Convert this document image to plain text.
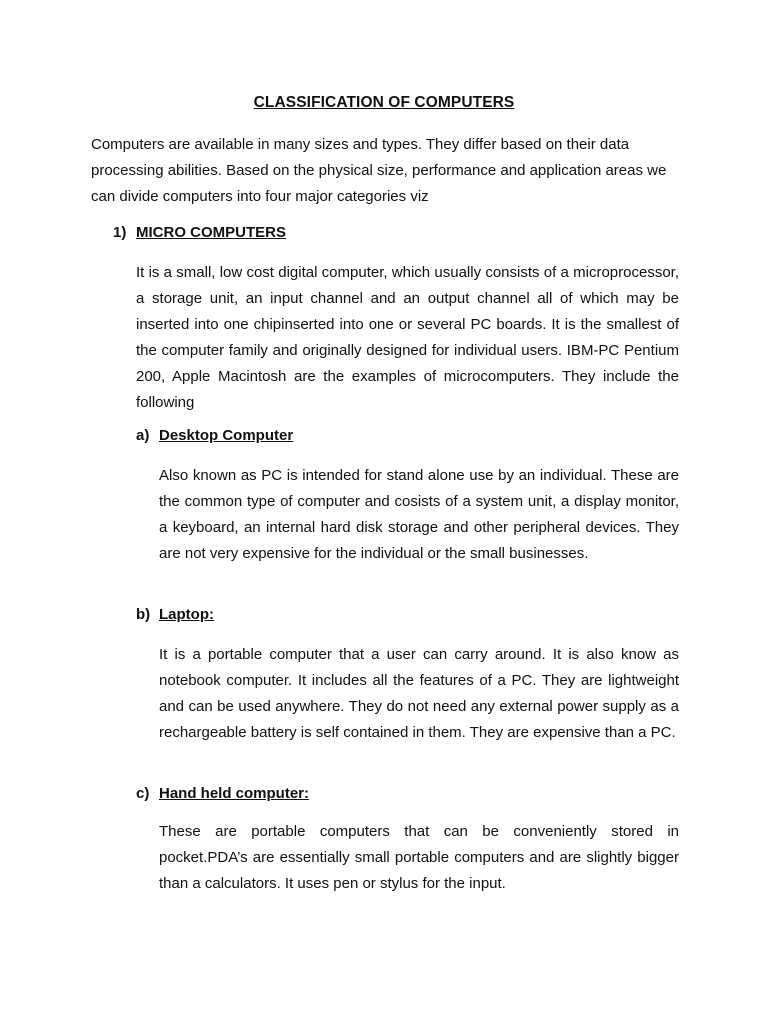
CLASSIFICATION OF COMPUTERS

Computers are available in many sizes and types. They differ based on their data processing abilities. Based on the physical size, performance and application areas we can divide computers into four major categories viz

1) MICRO COMPUTERS

It is a small, low cost digital computer, which usually consists of a microprocessor, a storage unit, an input channel and an output channel all of which may be inserted into one chipinserted into one or several PC boards. It is the smallest of the computer family and originally designed for individual users. IBM-PC Pentium 200, Apple Macintosh are the examples of microcomputers. They include the following

a) Desktop Computer

Also known as PC is intended for stand alone use by an individual. These are the common type of computer and cosists of a system unit, a display monitor, a keyboard, an internal hard disk storage and other peripheral devices. They are not very expensive for the individual or the small businesses.

b) Laptop:

It is a portable computer that a user can carry around. It is also know as notebook computer. It includes all the features of a PC. They are lightweight and can be used anywhere. They do not need any external power supply as a rechargeable battery is self contained in them. They are expensive than a PC.

c) Hand held computer:

These are portable computers that can be conveniently stored in pocket.PDA’s are essentially small portable computers and are slightly bigger than a calculators. It uses pen or stylus for the input.
